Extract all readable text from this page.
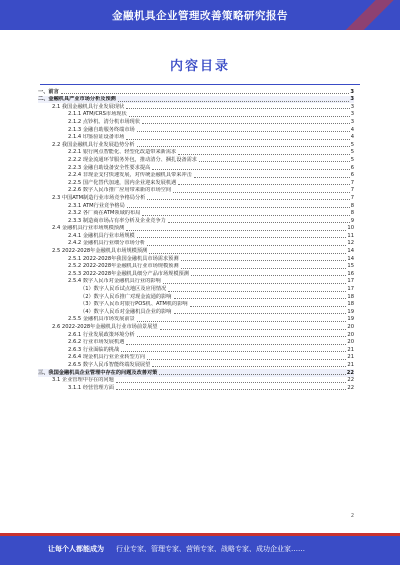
金融机具企业管理改善策略研究报告
内容目录
一、前言	3
二、金融机具产业市场分析及预测	3
2.1 我国金融机具行业发展现状	3
2.1.1 ATM/CRS市场现状	3
2.1.2 点钞机、清分机市场现状	3
2.1.3 金融自助服务终端市场	4
2.1.4 印鉴验证设备市场	4
2.2 我国金融机具行业发展趋势分析	5
2.2.1 银行网点智能化、轻型化改造带来新需求	5
2.2.2 现金流通环节服务外包，推动清分、捆扎设备需求	5
2.2.3 金融自助设备安全性要求提高	6
2.2.4 非现金支付快速发展，对传统金融机具带来冲击	6
2.2.5 国产化替代加速，国内企业迎来发展机遇	7
2.2.6 数字人民币推广应用带来新的市场空间	7
2.3 中国ATM制造行业市场竞争格局分析	7
2.3.1 ATM行业竞争格局	8
2.3.2 各厂商在ATM领域的布局	8
2.3.3 制造商市场占有率分析及企业竞争力	9
2.4 金融机具行业市场规模预测	10
2.4.1 金融机具行业市场规模	11
2.4.2 金融机具行业细分市场分析	12
2.5 2022-2028年金融机具市场规模预测	14
2.5.1 2022-2028年我国金融机具市场需求预测	14
2.5.2 2022-2028年金融机具行业市场规模预测	15
2.5.3 2022-2028年金融机具细分产品市场规模预测	16
2.5.4 数字人民币对金融机具行业的影响	17
（1）数字人民币试点地区及应用情况	17
（2）数字人民币推广对现金流通的影响	18
（3）数字人民币对银行POS机、ATM机的影响	18
（4）数字人民币对金融机具企业的影响	19
2.5.5 金融机具市场发展前景	19
2.6 2022-2028年金融机具行业市场前景展望	20
2.6.1 行业发展政策环境分析	20
2.6.2 行业市场发展机遇	20
2.6.3 行业面临的挑战	21
2.6.4 现金机具行业企业转型方向	21
2.6.5 数字人民币智能终端发展展望	21
三、我国金融机具企业管理中存在的问题及改善对策	22
3.1 企业管理中存在的问题	22
3.1.1 经营管理方面	22
2
让每个人都能成为 行业专家、管理专家、营销专家、战略专家、成功企业家……
